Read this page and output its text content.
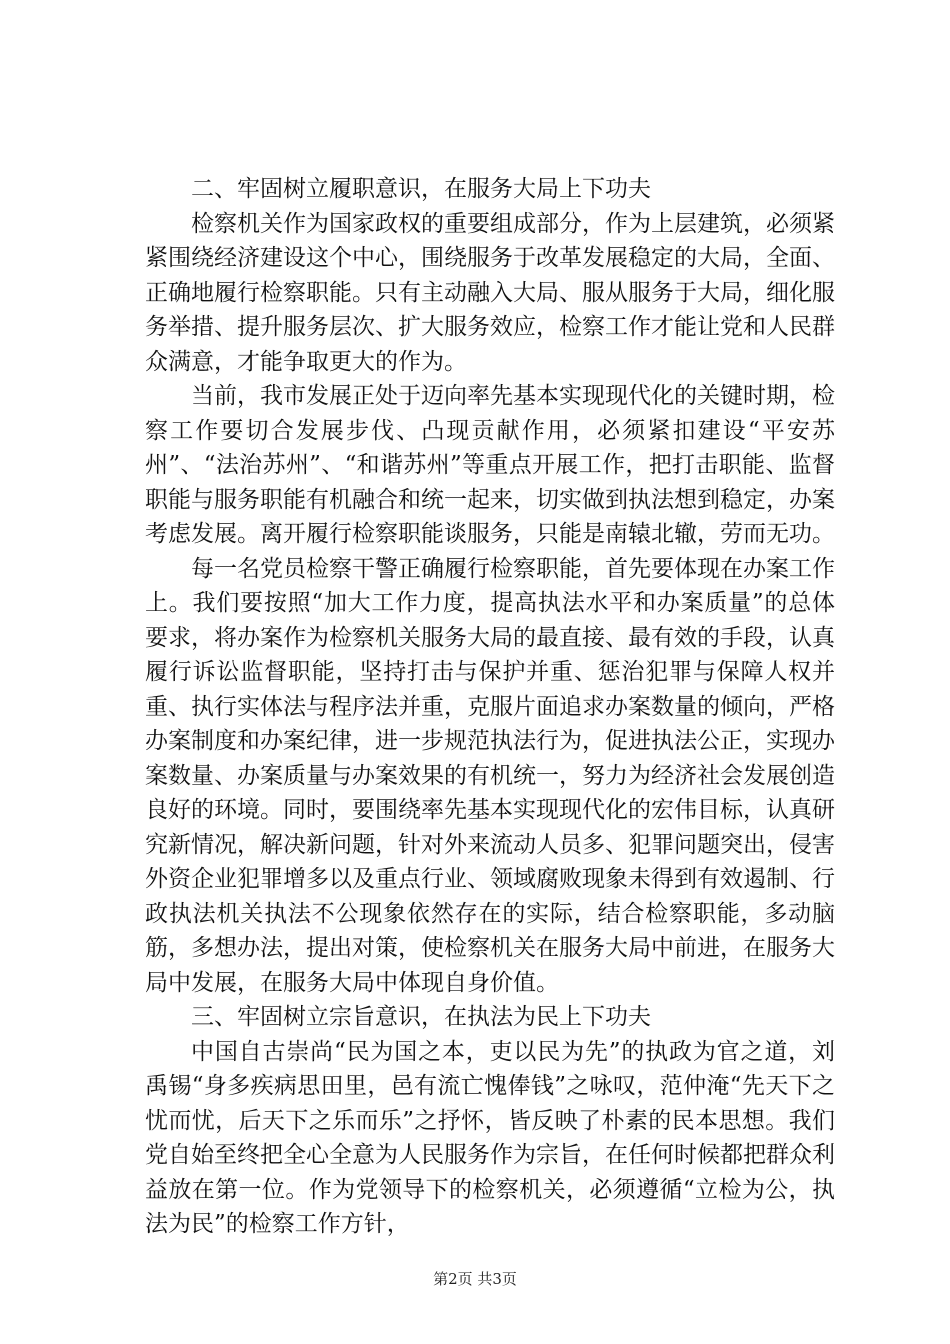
二、牢固树立履职意识，在服务大局上下功夫

检察机关作为国家政权的重要组成部分，作为上层建筑，必须紧紧围绕经济建设这个中心，围绕服务于改革发展稳定的大局，全面、正确地履行检察职能。只有主动融入大局、服从服务于大局，细化服务举措、提升服务层次、扩大服务效应，检察工作才能让党和人民群众满意，才能争取更大的作为。

当前，我市发展正处于迈向率先基本实现现代化的关键时期，检察工作要切合发展步伐、凸现贡献作用，必须紧扣建设“平安苏州”、“法治苏州”、“和谐苏州”等重点开展工作，把打击职能、监督职能与服务职能有机融合和统一起来，切实做到执法想到稳定，办案考虑发展。离开履行检察职能谈服务，只能是南辕北辙，劳而无功。

每一名党员检察干警正确履行检察职能，首先要体现在办案工作上。我们要按照“加大工作力度，提高执法水平和办案质量”的总体要求，将办案作为检察机关服务大局的最直接、最有效的手段，认真履行诉讼监督职能，坚持打击与保护并重、惩治犯罪与保障人权并重、执行实体法与程序法并重，克服片面追求办案数量的倾向，严格办案制度和办案纪律，进一步规范执法行为，促进执法公正，实现办案数量、办案质量与办案效果的有机统一，努力为经济社会发展创造良好的环境。同时，要围绕率先基本实现现代化的宏伟目标，认真研究新情况，解决新问题，针对外来流动人员多、犯罪问题突出，侵害外资企业犯罪增多以及重点行业、领域腐败现象未得到有效遏制、行政执法机关执法不公现象依然存在的实际，结合检察职能，多动脑筋，多想办法，提出对策，使检察机关在服务大局中前进，在服务大局中发展，在服务大局中体现自身价值。

三、牢固树立宗旨意识，在执法为民上下功夫

中国自古崇尚“民为国之本，吏以民为先”的执政为官之道，刘禹锡“身多疾病思田里，邑有流亡愧俸钱”之咏叹，范仲淹“先天下之忧而忧，后天下之乐而乐”之抒怀，皆反映了朴素的民本思想。我们党自始至终把全心全意为人民服务作为宗旨，在任何时候都把群众利益放在第一位。作为党领导下的检察机关，必须遵循“立检为公，执法为民”的检察工作方针，

第2页 共3页
